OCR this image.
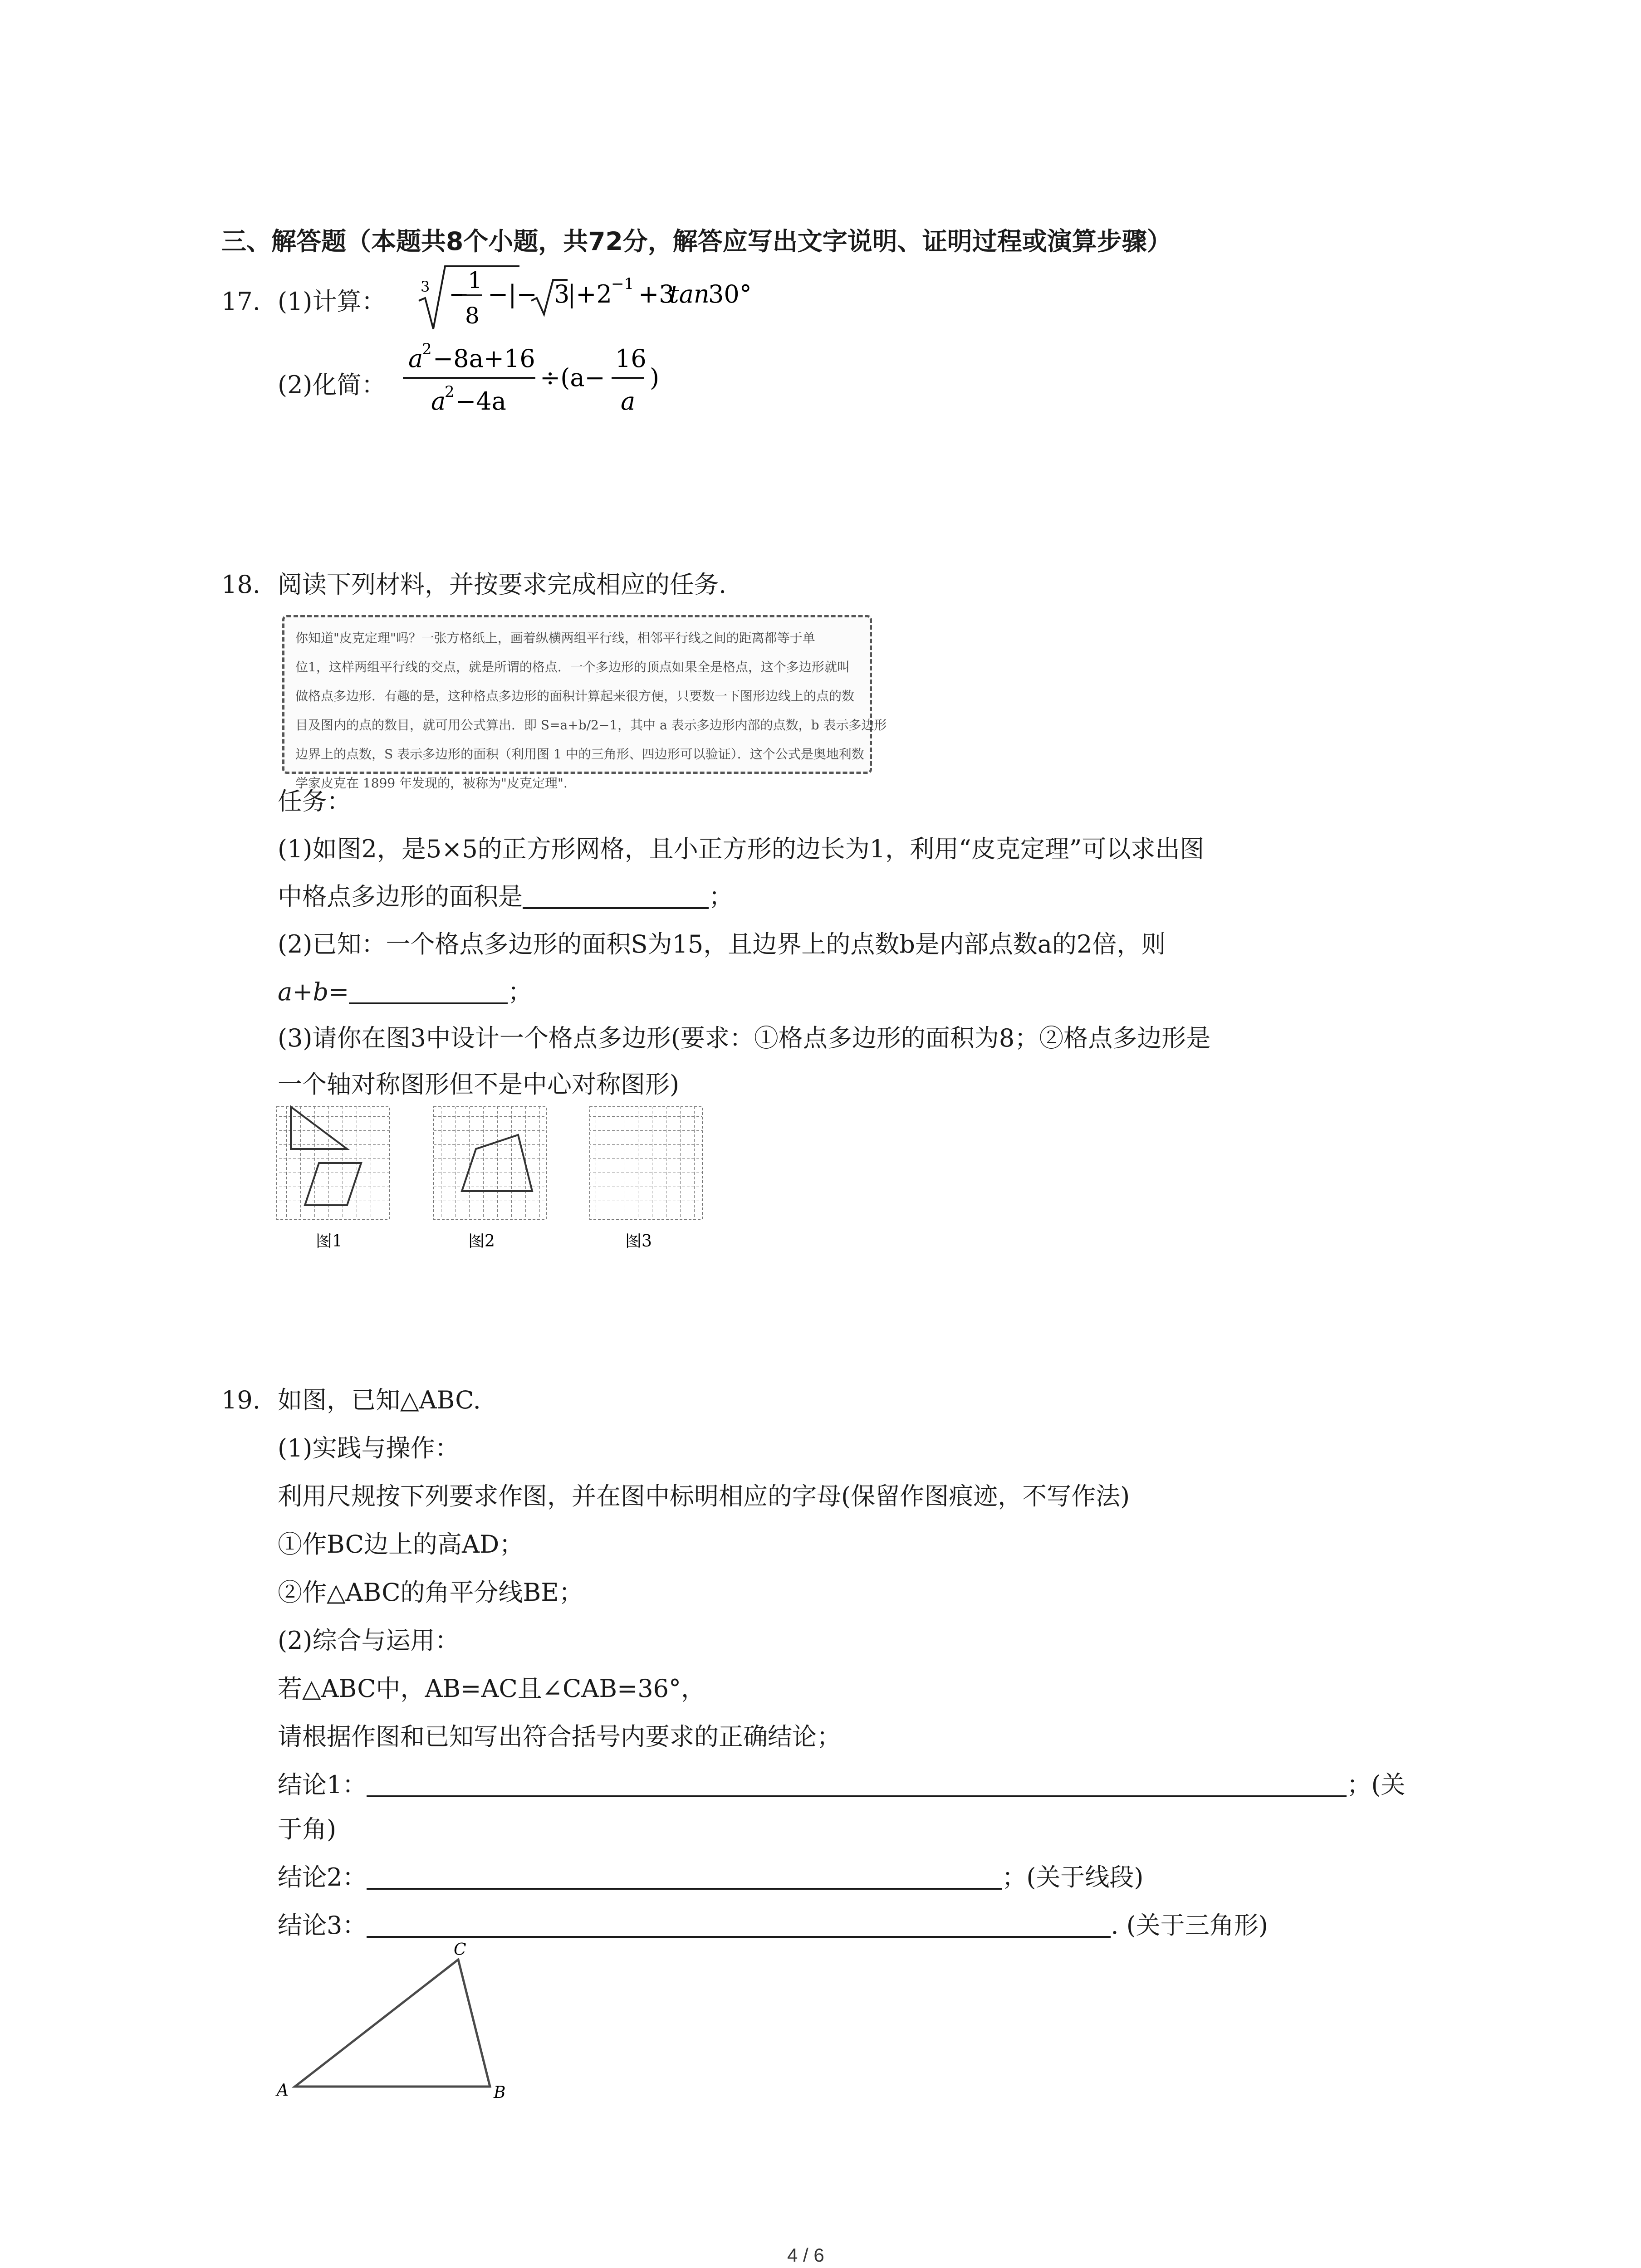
三、解答题（本题共8个小题，共72分，解答应写出文字说明、证明过程或演算步骤）
17. (1)计算：
3 −
1
8
−|− 3
|+2
−1 +3
tan
30°
(2)化简：
a
2 −8a+16
a
2 −4a
÷(a−
16
a
)
18. 阅读下列材料，并按要求完成相应的任务.

你知道"皮克定理"吗？一张方格纸上，画着纵横两组平行线，相邻平行线之间的距离都等于单

位1，这样两组平行线的交点，就是所谓的格点．一个多边形的顶点如果全是格点，这个多边形就叫

做格点多边形．有趣的是，这种格点多边形的面积计算起来很方便，只要数一下图形边线上的点的数

目及图内的点的数目，就可用公式算出．即 S=a+b/2−1，其中 a 表示多边形内部的点数，b 表示多边形

边界上的点数，S 表示多边形的面积（利用图 1 中的三角形、四边形可以验证）．这个公式是奥地利数

学家皮克在 1899 年发现的，被称为"皮克定理".

任务：
(1)如图2，是5×5的正方形网格，且小正方形的边长为1，利用“皮克定理”可以求出图
中格点多边形的面积是	；
(2)已知：一个格点多边形的面积S为15，且边界上的点数b是内部点数a的2倍，则
a+b=	；
(3)请你在图3中设计一个格点多边形(要求：①格点多边形的面积为8；②格点多边形是
一个轴对称图形但不是中心对称图形)
图1	图2	图3
19. 如图，已知△ABC.
(1)实践与操作：
利用尺规按下列要求作图，并在图中标明相应的字母(保留作图痕迹，不写作法)
①作BC边上的高AD；
②作△ABC的角平分线BE；
(2)综合与运用：
若△ABC中，AB=AC且∠CAB=36°，
请根据作图和已知写出符合括号内要求的正确结论；
结论1：	；(关
于角)
结论2：	；(关于线段)
结论3：	. (关于三角形)
A	B
C
4 / 6
